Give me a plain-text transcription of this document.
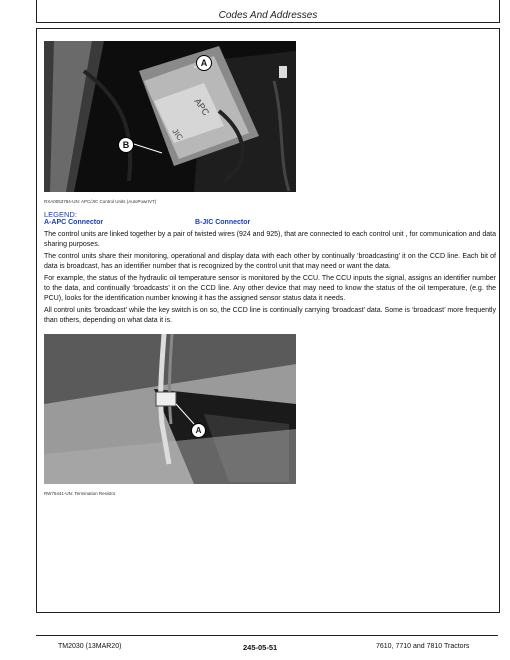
Codes And Addresses
APC
JIC
A
B
RXA0053784-UN: APC/JIC Control Units (AutoPowrIVT)
LEGEND:
A-APC Connector	B-JIC Connector

The control units are linked together by a pair of twisted wires (924 and 925), that are connected to each control unit , for communication and data sharing purposes.

The control units share their monitoring, operational and display data with each other by continually ‘broadcasting’ it on the CCD line. Each bit of data is broadcast, has an identifier number that is recognized by the control unit that may need or want the data.

For example, the status of the hydraulic oil temperature sensor is monitored by the CCU. The CCU inputs the signal, assigns an identifier number to the data, and continually ‘broadcasts’ it on the CCD line. Any other device that may need to know the status of the oil temperature, (e.g. the PCU), looks for the identification number knowing it has the assigned sensor status data it needs.

All control units ‘broadcast’ while the key switch is on so, the CCD line is continually carrying ‘broadcast’ data. Some is ‘broadcast’ more frequently than others, depending on what data it is.

A
RW75441-UN: Termination Resistor
TM2030 (13MAR20)	245-05-51	7610, 7710 and 7810 Tractors
